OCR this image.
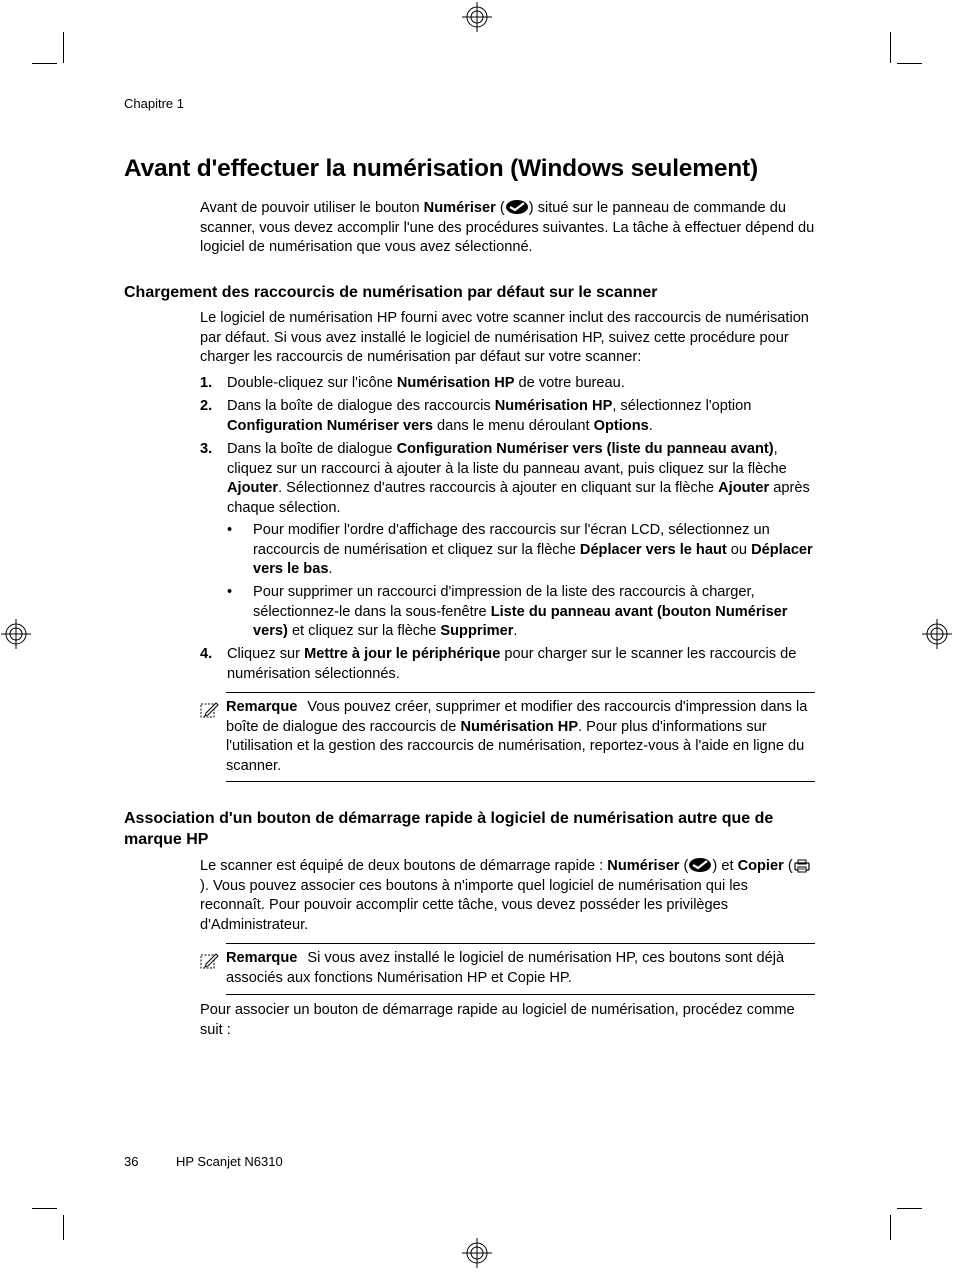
Chapitre 1
Avant d'effectuer la numérisation (Windows seulement)

Avant de pouvoir utiliser le bouton Numériser ( ) situé sur le panneau de commande du scanner, vous devez accomplir l'une des procédures suivantes. La tâche à effectuer dépend du logiciel de numérisation que vous avez sélectionné.

Chargement des raccourcis de numérisation par défaut sur le scanner

Le logiciel de numérisation HP fourni avec votre scanner inclut des raccourcis de numérisation par défaut. Si vous avez installé le logiciel de numérisation HP, suivez cette procédure pour charger les raccourcis de numérisation par défaut sur votre scanner:

1. Double-cliquez sur l'icône Numérisation HP de votre bureau.
2. Dans la boîte de dialogue des raccourcis Numérisation HP, sélectionnez l'option Configuration Numériser vers dans le menu déroulant Options.
3. Dans la boîte de dialogue Configuration Numériser vers (liste du panneau avant), cliquez sur un raccourci à ajouter à la liste du panneau avant, puis cliquez sur la flèche Ajouter. Sélectionnez d'autres raccourcis à ajouter en cliquant sur la flèche Ajouter après chaque sélection.
• Pour modifier l'ordre d'affichage des raccourcis sur l'écran LCD, sélectionnez un raccourcis de numérisation et cliquez sur la flèche Déplacer vers le haut ou Déplacer vers le bas.
• Pour supprimer un raccourci d'impression de la liste des raccourcis à charger, sélectionnez-le dans la sous-fenêtre Liste du panneau avant (bouton Numériser vers) et cliquez sur la flèche Supprimer.
4. Cliquez sur Mettre à jour le périphérique pour charger sur le scanner les raccourcis de numérisation sélectionnés.
Remarque Vous pouvez créer, supprimer et modifier des raccourcis d'impression dans la boîte de dialogue des raccourcis de Numérisation HP. Pour plus d'informations sur l'utilisation et la gestion des raccourcis de numérisation, reportez-vous à l'aide en ligne du scanner.
Association d'un bouton de démarrage rapide à logiciel de numérisation autre que de marque HP

Le scanner est équipé de deux boutons de démarrage rapide : Numériser ( ) et Copier (). Vous pouvez associer ces boutons à n'importe quel logiciel de numérisation qui les reconnaît. Pour pouvoir accomplir cette tâche, vous devez posséder les privilèges d'Administrateur.

Remarque Si vous avez installé le logiciel de numérisation HP, ces boutons sont déjà associés aux fonctions Numérisation HP et Copie HP.

Pour associer un bouton de démarrage rapide au logiciel de numérisation, procédez comme suit :

36	HP Scanjet N6310
